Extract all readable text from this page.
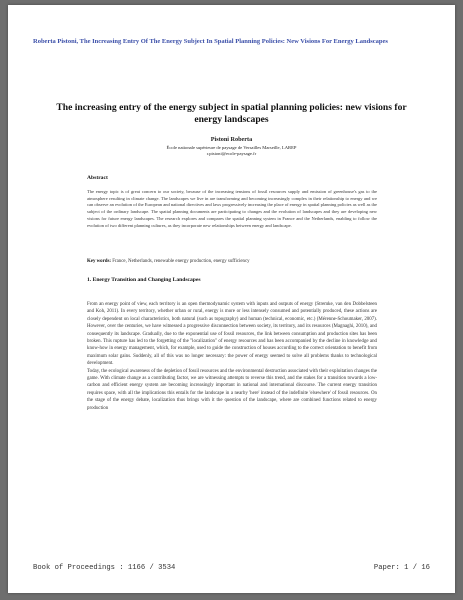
Roberta Pistoni, The Increasing Entry Of The Energy Subject In Spatial Planning Policies: New Visions For Energy Landscapes
The increasing entry of the energy subject in spatial planning policies: new visions for energy landscapes
Pistoni Roberta
École nationale supérieure de paysage de Versailles Marseille, LAREP
r.pistoni@ecole-paysage.fr
Abstract
The energy topic is of great concern to our society, because of the increasing tensions of fossil resources supply and emission of greenhouse's gas to the atmosphere resulting in climate change. The landscapes we live in are transforming and becoming increasingly complex in their relationship to energy and we can observe an evolution of the European and national directives and laws progressively increasing the place of energy in spatial planning policies as well as the subject of the ordinary landscape. The spatial planning documents are participating to changes and the evolution of landscapes and they are developing new visions for future energy landscapes. The research explores and compares the spatial planning system in France and the Netherlands, enabling to follow the evolution of two different planning cultures, as they incorporate new relationships between energy and landscape.
Key words: France, Netherlands, renewable energy production, energy sufficiency
1. Energy Transition and Changing Landscapes

From an energy point of view, each territory is an open thermodynamic system with inputs and outputs of energy (Stremke, van den Dobbelsteen and Koh, 2011). In every territory, whether urban or rural, energy is more or less intensely consumed and potentially produced, these actions are closely dependent on local characteristics, both natural (such as topography) and human (technical, economic, etc.) (Mérenne-Schoumaker, 2007). However, over the centuries, we have witnessed a progressive disconnection between society, its territory, and its resources (Magnaghi, 2010), and consequently its landscape. Gradually, due to the exponential use of fossil resources, the link between consumption and production sites has been broken. This rupture has led to the forgetting of the "localization" of energy resources and has been accompanied by the decline in knowledge and know-how in energy management, which, for example, used to guide the construction of houses according to the correct orientation to benefit from maximum solar gains. Suddenly, all of this was no longer necessary: the power of energy seemed to solve all problems thanks to technological development.

Today, the ecological awareness of the depletion of fossil resources and the environmental destruction associated with their exploitation changes the game. With climate change as a contributing factor, we are witnessing attempts to reverse this trend, and the stakes for a transition towards a low-carbon and efficient energy system are becoming increasingly important in national and international discourse. The current energy transition requires space, with all the implications this entails for the landscape in a nearby 'here' instead of the indefinite 'elsewhere' of fossil resources. On the stage of the energy debate, localization thus brings with it the question of the landscape, where are combined functions related to energy production

Book of Proceedings : 1166 / 3534	Paper: 1 / 16
